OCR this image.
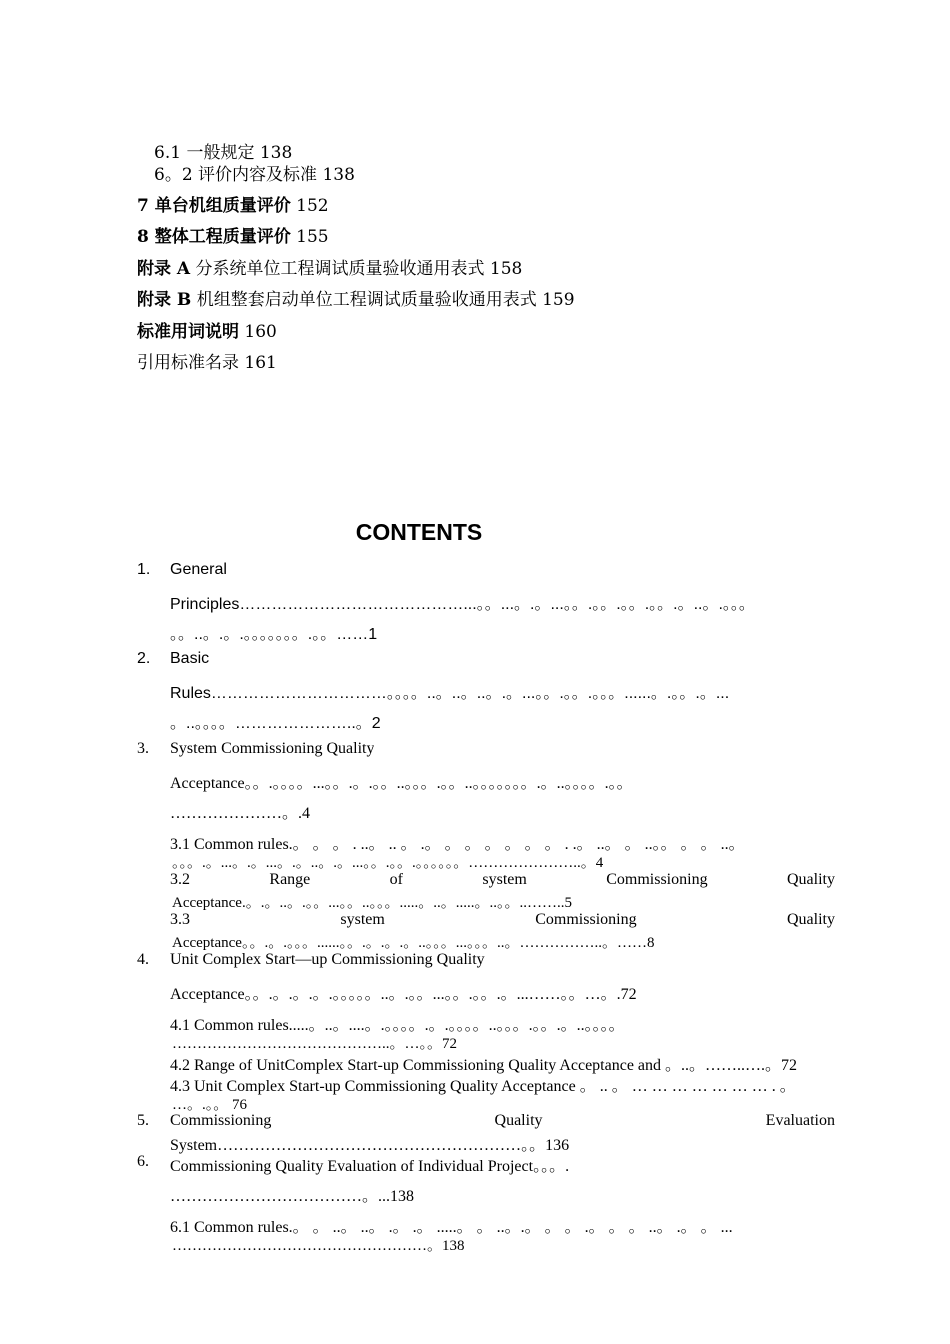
6.1 一般规定 138
6。2 评价内容及标准 138
7 单台机组质量评价 152
8 整体工程质量评价 155
附录 A 分系统单位工程调试质量验收通用表式 158
附录 B 机组整套启动单位工程调试质量验收通用表式 159
标准用词说明 160
引用标准名录 161
CONTENTS
1. General
Principles……………………………………...。。...。.。...。。.。。.。。.。。.。..。.。。。
。。..。.。.。。。。。。。.。。……1
2. Basic
Rules……………………………。。。。..。..。..。.。...。。.。。.。。。......。.。。.。...
。..。。。。…………………..。2
3. System Commissioning Quality
Acceptance。。.。。。。...。。.。.。。..。。。.。。..。。。。。。。.。..。。。。.。。
…………………。.4
3.1 Common rules.。 。 。 . ..。 .. 。 .。 。 。 。 。 。 。 . .。 ..。 。 ..。。 。 。 ..。
。。。.。...。.。...。.。..。.。...。。.。。.。。。。。。…………………..。4
3.2	Range	of	system	Commissioning	Quality
Acceptance.。.。..。.。。...。。..。。。.....。..。.....。..。。..……..5
3.3	system	Commissioning	Quality
Acceptance。。.。.。。。......。。.。.。.。..。。。...。。。..。……………..。……8
4. Unit Complex Start—up Commissioning Quality
Acceptance。。.。.。.。.。。。。。..。.。。...。。.。。.。...……。。…。.72
4.1 Common rules.....。..。....。.。。。。.。.。。。。..。。。.。。.。..。。。。
……………………………………..。…。。72
4.2 Range of UnitComplex Start-up Commissioning Quality Acceptance and 。..。……..….。72
4.3 Unit Complex Start-up Commissioning Quality Acceptance 。 .. 。 … … … … … … … . 。
…。.。。 76
5. Commissioning	Quality	Evaluation
System…………………………………………………。。136
6. Commissioning Quality Evaluation of Individual Project。。。.
………………………………。...138
6.1 Common rules.。 。 ..。 ..。 .。 .。 .....。 。 ..。.。 。 。 .。 。 。 ..。 .。 。 ...
……………………………………………。138
